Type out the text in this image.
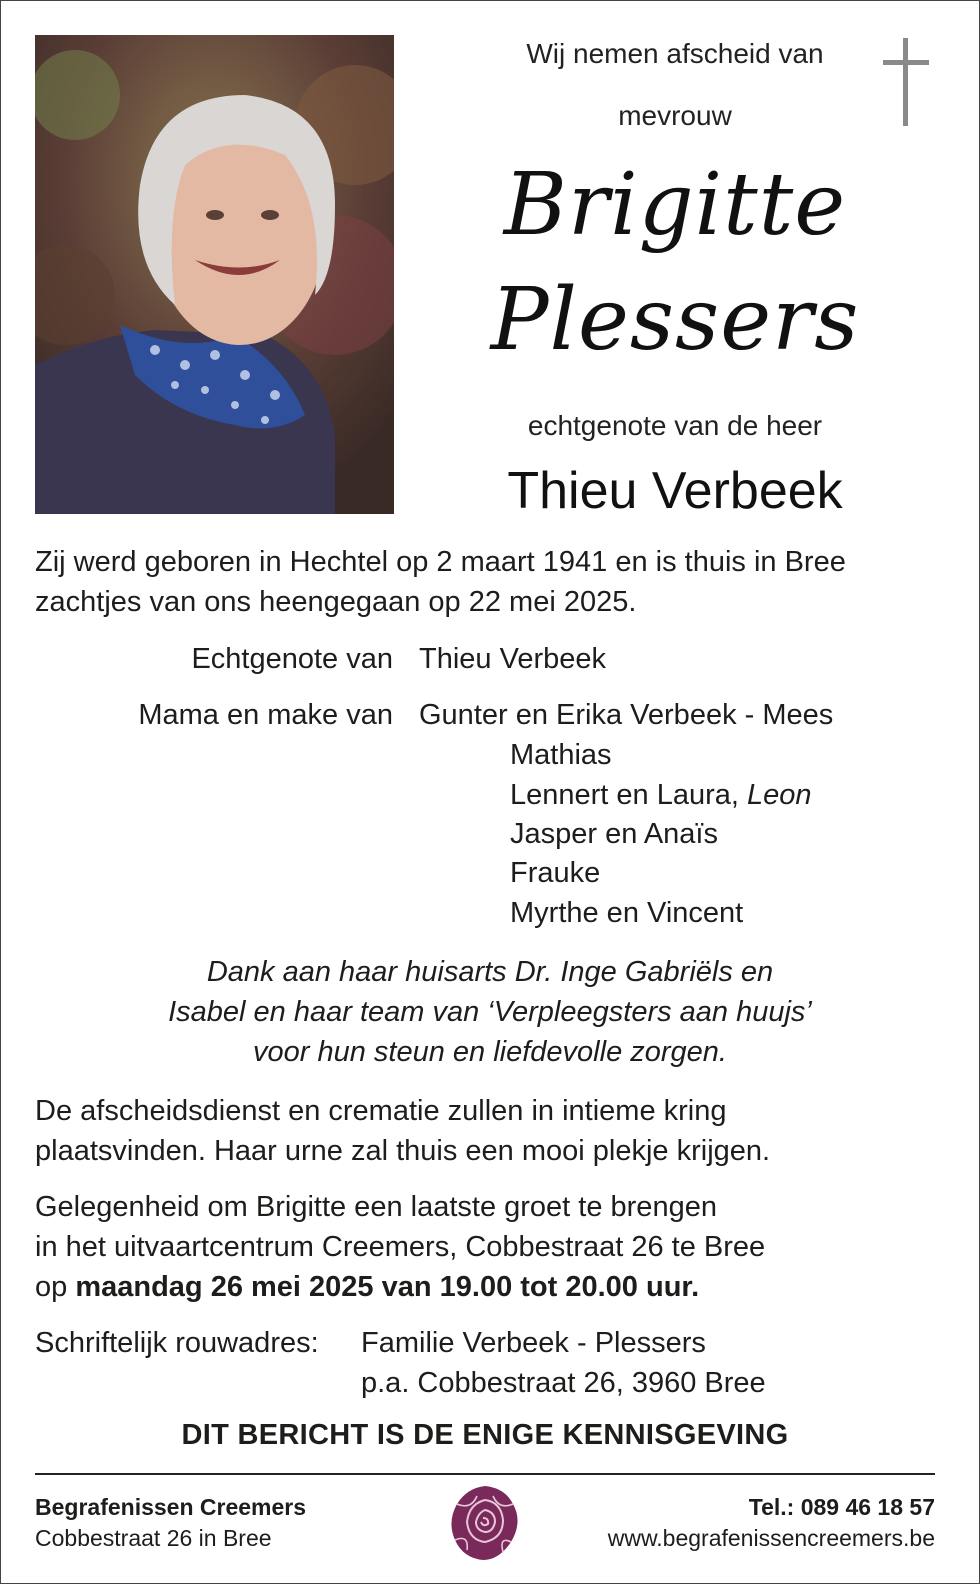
Wij nemen afscheid van
mevrouw
Brigitte
Plessers
echtgenote van de heer
Thieu Verbeek
Zij werd geboren in Hechtel op 2 maart 1941 en is thuis in Bree
zachtjes van ons heengegaan op 22 mei 2025.
Echtgenote van Thieu Verbeek
Mama en make van Gunter en Erika Verbeek - Mees
Mathias
Lennert en Laura, Leon
Jasper en Anaïs
Frauke
Myrthe en Vincent
Dank aan haar huisarts Dr. Inge Gabriëls en
Isabel en haar team van ‘Verpleegsters aan huujs’
voor hun steun en liefdevolle zorgen.
De afscheidsdienst en crematie zullen in intieme kring
plaatsvinden. Haar urne zal thuis een mooi plekje krijgen.
Gelegenheid om Brigitte een laatste groet te brengen
in het uitvaartcentrum Creemers, Cobbestraat 26 te Bree
op maandag 26 mei 2025 van 19.00 tot 20.00 uur.
Schriftelijk rouwadres: Familie Verbeek - Plessers
p.a. Cobbestraat 26, 3960 Bree
DIT BERICHT IS DE ENIGE KENNISGEVING
Begrafenissen Creemers
Cobbestraat 26 in Bree
Tel.: 089 46 18 57
www.begrafenissencreemers.be
